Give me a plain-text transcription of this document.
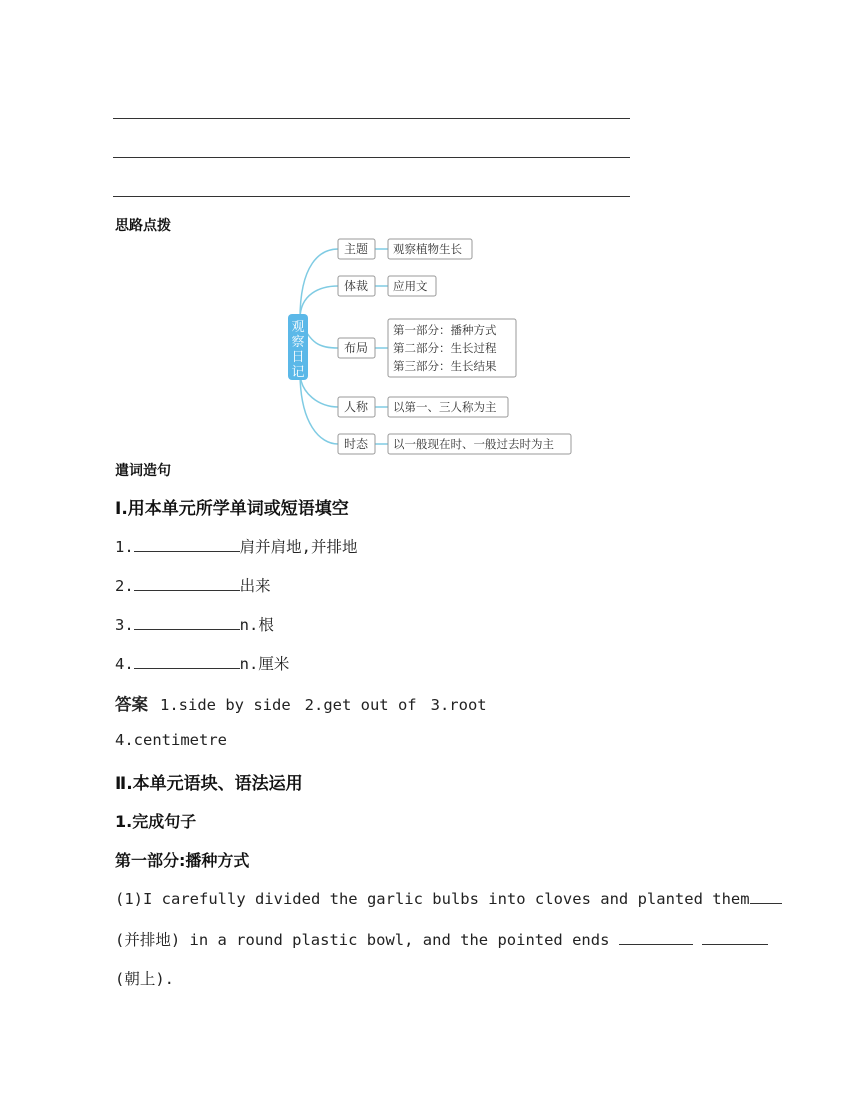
思路点拨
观
察
日
记
主题
体裁
布局
人称
时态
观察植物生长
应用文
第一部分：播种方式
第二部分：生长过程
第三部分：生长结果
以第一、三人称为主
以一般现在时、一般过去时为主
遣词造句
Ⅰ.用本单元所学单词或短语填空
1.	肩并肩地,并排地
2.	出来
3.	n.根
4.	n.厘米
答案 1.side by side 2.get out of 3.root
4.centimetre
Ⅱ.本单元语块、语法运用
1.完成句子
第一部分:播种方式
(1)I carefully divided the garlic bulbs into cloves and planted them
(并排地) in a round plastic bowl, and the pointed ends
(朝上).
